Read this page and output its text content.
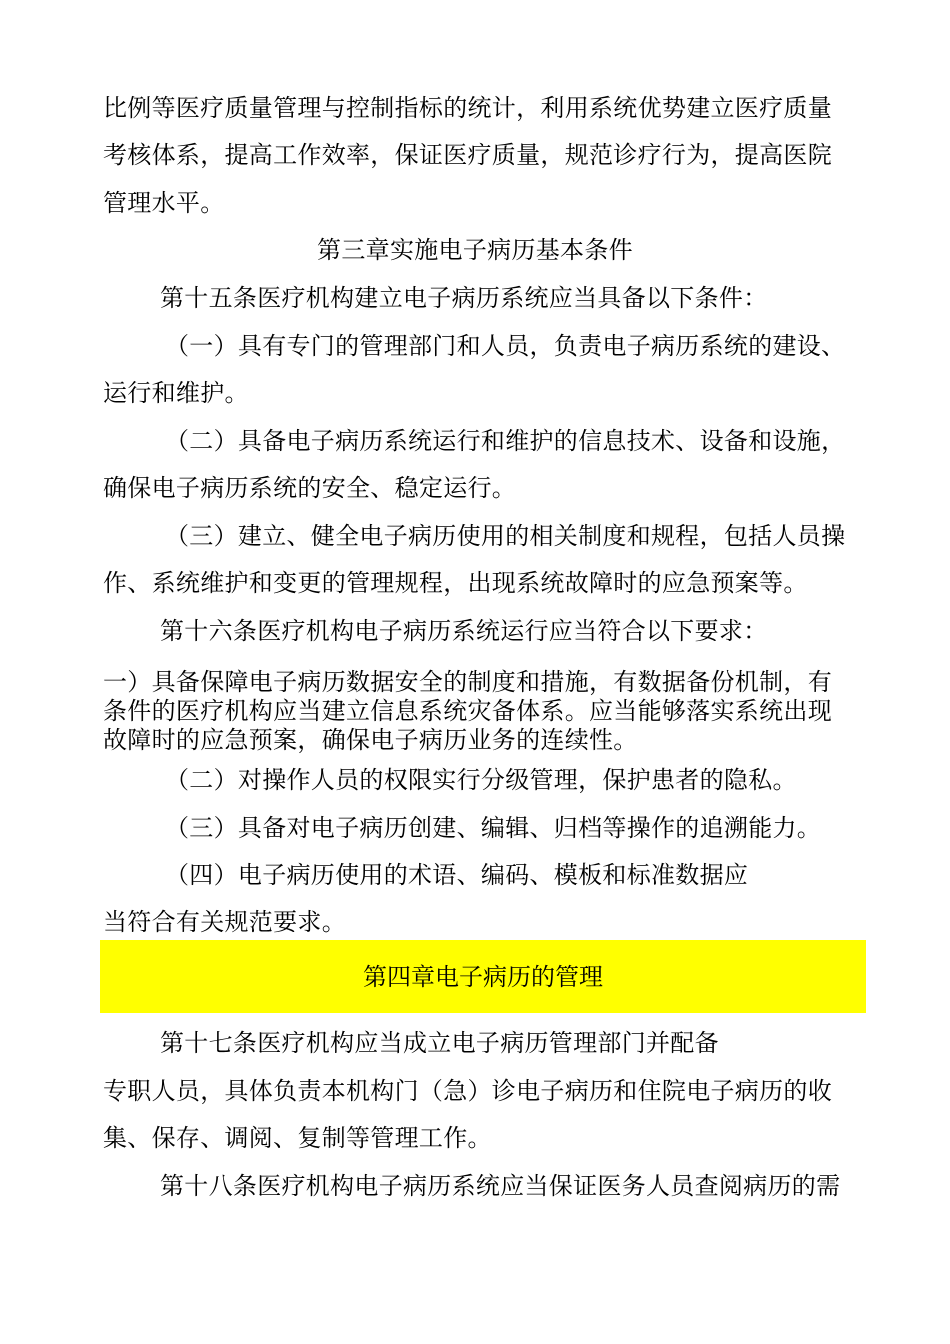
比例等医疗质量管理与控制指标的统计，利用系统优势建立医疗质量
考核体系，提高工作效率，保证医疗质量，规范诊疗行为，提高医院
管理水平。
第三章实施电子病历基本条件
第十五条医疗机构建立电子病历系统应当具备以下条件：
（一）具有专门的管理部门和人员，负责电子病历系统的建设、
运行和维护。
（二）具备电子病历系统运行和维护的信息技术、设备和设施，
确保电子病历系统的安全、稳定运行。
（三）建立、健全电子病历使用的相关制度和规程，包括人员操
作、系统维护和变更的管理规程，出现系统故障时的应急预案等。
第十六条医疗机构电子病历系统运行应当符合以下要求：
一）具备保障电子病历数据安全的制度和措施，有数据备份机制，有
条件的医疗机构应当建立信息系统灾备体系。应当能够落实系统出现
故障时的应急预案，确保电子病历业务的连续性。
（二）对操作人员的权限实行分级管理，保护患者的隐私。
（三）具备对电子病历创建、编辑、归档等操作的追溯能力。
（四）电子病历使用的术语、编码、模板和标准数据应
当符合有关规范要求。
第四章电子病历的管理
第十七条医疗机构应当成立电子病历管理部门并配备
专职人员，具体负责本机构门（急）诊电子病历和住院电子病历的收
集、保存、调阅、复制等管理工作。
第十八条医疗机构电子病历系统应当保证医务人员查阅病历的需
